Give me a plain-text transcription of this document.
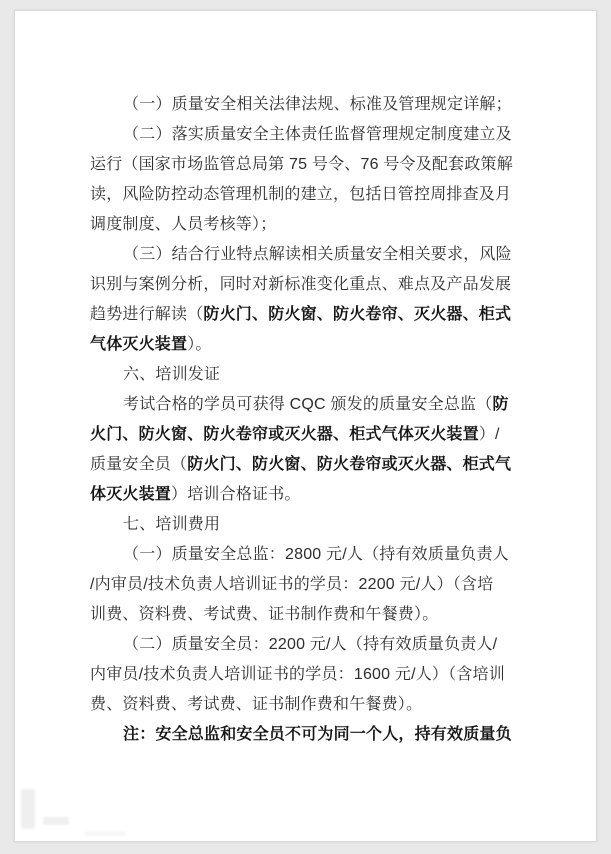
（一）质量安全相关法律法规、标准及管理规定详解；
（二）落实质量安全主体责任监督管理规定制度建立及
运行（国家市场监管总局第 75 号令、76 号令及配套政策解
读，风险防控动态管理机制的建立，包括日管控周排查及月
调度制度、人员考核等）；
（三）结合行业特点解读相关质量安全相关要求，风险
识别与案例分析，同时对新标准变化重点、难点及产品发展
趋势进行解读（防火门、防火窗、防火卷帘、灭火器、柜式
气体灭火装置）。
六、培训发证
考试合格的学员可获得 CQC 颁发的质量安全总监（防
火门、防火窗、防火卷帘或灭火器、柜式气体灭火装置）/
质量安全员（防火门、防火窗、防火卷帘或灭火器、柜式气
体灭火装置）培训合格证书。
七、培训费用
（一）质量安全总监：2800 元/人（持有效质量负责人
/内审员/技术负责人培训证书的学员：2200 元/人）（含培
训费、资料费、考试费、证书制作费和午餐费）。
（二）质量安全员：2200 元/人（持有效质量负责人/
内审员/技术负责人培训证书的学员：1600 元/人）（含培训
费、资料费、考试费、证书制作费和午餐费）。
注：安全总监和安全员不可为同一个人，持有效质量负
